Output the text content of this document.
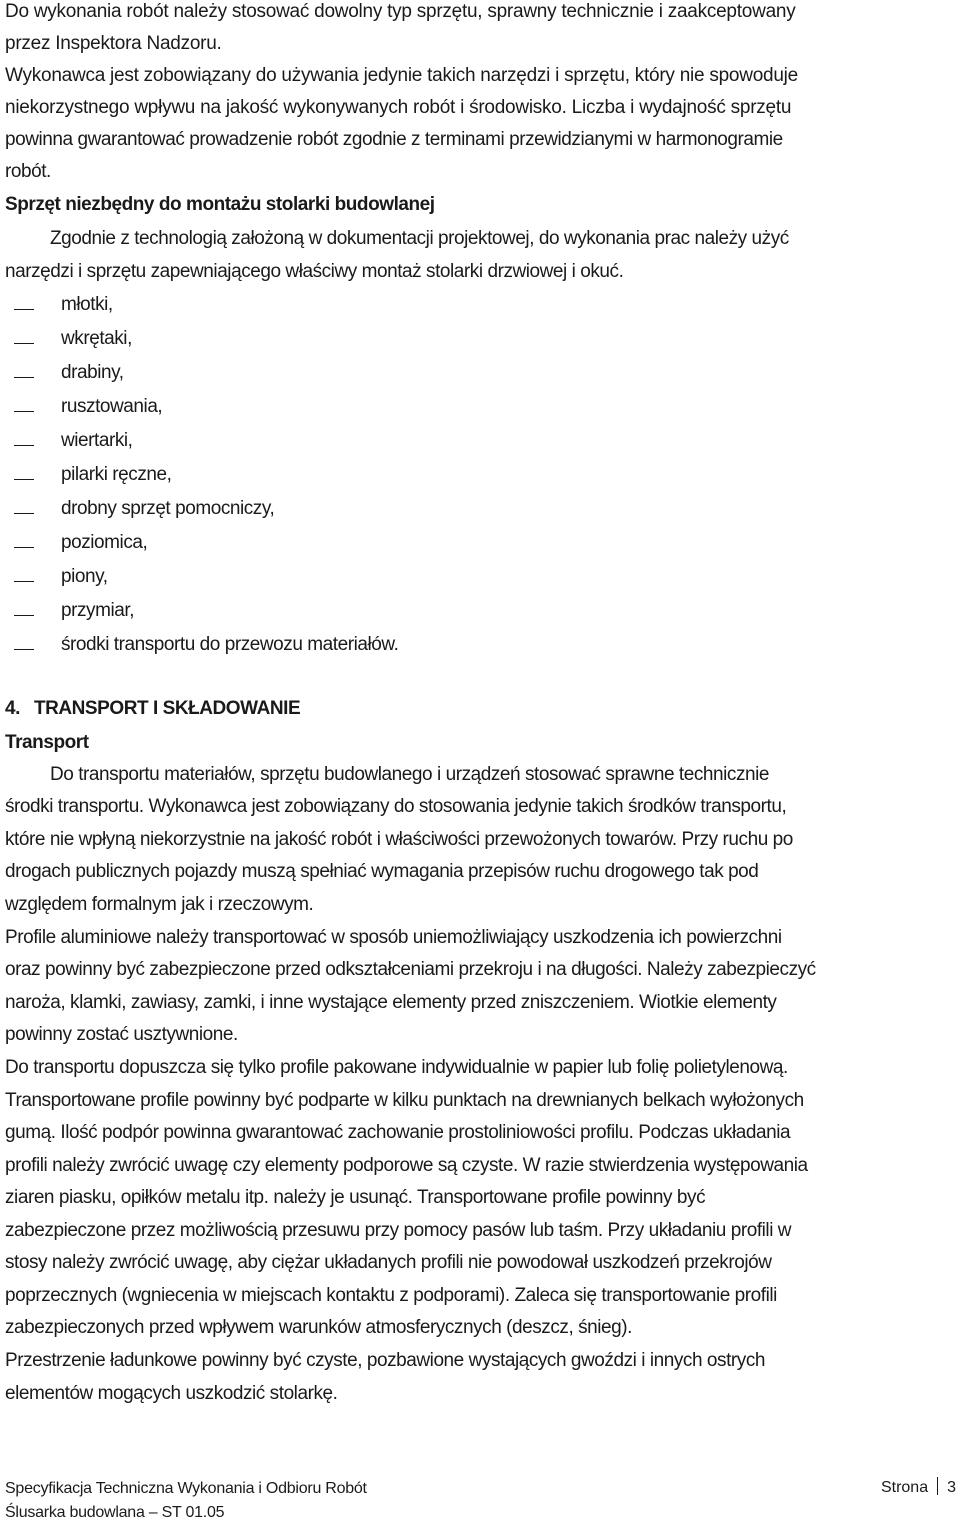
Do wykonania robót należy stosować dowolny typ sprzętu, sprawny technicznie i zaakceptowany
przez Inspektora Nadzoru.
Wykonawca jest zobowiązany do używania jedynie takich narzędzi i sprzętu, który nie spowoduje
niekorzystnego wpływu na jakość wykonywanych robót i środowisko. Liczba i wydajność sprzętu
powinna gwarantować prowadzenie robót zgodnie z terminami przewidzianymi w harmonogramie
robót.
Sprzęt niezbędny do montażu stolarki budowlanej
Zgodnie z technologią założoną w dokumentacji projektowej, do wykonania prac należy użyć
narzędzi i sprzętu zapewniającego właściwy montaż stolarki drzwiowej i okuć.
młotki,
wkrętaki,
drabiny,
rusztowania,
wiertarki,
pilarki ręczne,
drobny sprzęt pomocniczy,
poziomica,
piony,
przymiar,
środki transportu do przewozu materiałów.
4. TRANSPORT I SKŁADOWANIE
Transport
Do transportu materiałów, sprzętu budowlanego i urządzeń stosować sprawne technicznie
środki transportu. Wykonawca jest zobowiązany do stosowania jedynie takich środków transportu,
które nie wpłyną niekorzystnie na jakość robót i właściwości przewożonych towarów. Przy ruchu po
drogach publicznych pojazdy muszą spełniać wymagania przepisów ruchu drogowego tak pod
względem formalnym jak i rzeczowym.
Profile aluminiowe należy transportować w sposób uniemożliwiający uszkodzenia ich powierzchni
oraz powinny być zabezpieczone przed odkształceniami przekroju i na długości. Należy zabezpieczyć
naroża, klamki, zawiasy, zamki, i inne wystające elementy przed zniszczeniem. Wiotkie elementy
powinny zostać usztywnione.
Do transportu dopuszcza się tylko profile pakowane indywidualnie w papier lub folię polietylenową.
Transportowane profile powinny być podparte w kilku punktach na drewnianych belkach wyłożonych
gumą. Ilość podpór powinna gwarantować zachowanie prostoliniowości profilu. Podczas układania
profili należy zwrócić uwagę czy elementy podporowe są czyste. W razie stwierdzenia występowania
ziaren piasku, opiłków metalu itp. należy je usunąć. Transportowane profile powinny być
zabezpieczone przez możliwością przesuwu przy pomocy pasów lub taśm. Przy układaniu profili w
stosy należy zwrócić uwagę, aby ciężar układanych profili nie powodował uszkodzeń przekrojów
poprzecznych (wgniecenia w miejscach kontaktu z podporami). Zaleca się transportowanie profili
zabezpieczonych przed wpływem warunków atmosferycznych (deszcz, śnieg).
Przestrzenie ładunkowe powinny być czyste, pozbawione wystających gwoździ i innych ostrych
elementów mogących uszkodzić stolarkę.
Specyfikacja Techniczna Wykonania i Odbioru Robót
Ślusarka budowlana – ST 01.05
Strona 3
